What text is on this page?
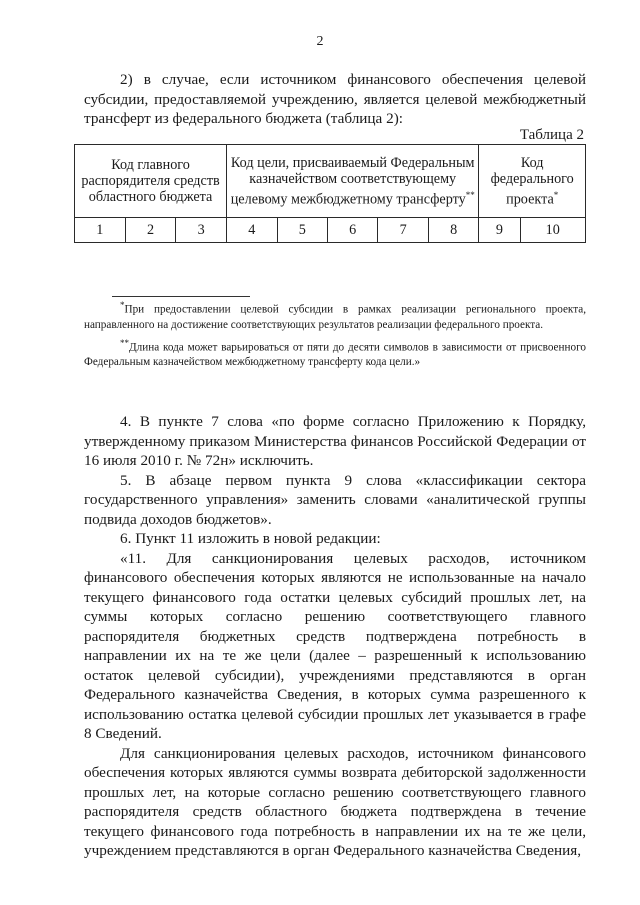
2

2) в случае, если источником финансового обеспечения целевой субсидии, предоставляемой учреждению, является целевой межбюджетный трансферт из федерального бюджета (таблица 2):

Таблица 2
Код главного распорядителя средств областного бюджета			Код цели, присваиваемый Федеральным казначейством соответствующему целевому межбюджетному трансферту**					Код федерального проекта*
1	2	3	4	5	6	7	8	9	10

*При предоставлении целевой субсидии в рамках реализации регионального проекта, направленного на достижение соответствующих результатов реализации федерального проекта.

**Длина кода может варьироваться от пяти до десяти символов в зависимости от присвоенного Федеральным казначейством межбюджетному трансферту кода цели.»

4. В пункте 7 слова «по форме согласно Приложению к Порядку, утвержденному приказом Министерства финансов Российской Федерации от 16 июля 2010 г. № 72н» исключить.

5. В абзаце первом пункта 9 слова «классификации сектора государственного управления» заменить словами «аналитической группы подвида доходов бюджетов».

6. Пункт 11 изложить в новой редакции:

«11. Для санкционирования целевых расходов, источником финансового обеспечения которых являются не использованные на начало текущего финансового года остатки целевых субсидий прошлых лет, на суммы которых согласно решению соответствующего главного распорядителя бюджетных средств подтверждена потребность в направлении их на те же цели (далее – разрешенный к использованию остаток целевой субсидии), учреждениями представляются в орган Федерального казначейства Сведения, в которых сумма разрешенного к использованию остатка целевой субсидии прошлых лет указывается в графе 8 Сведений.

Для санкционирования целевых расходов, источником финансового обеспечения которых являются суммы возврата дебиторской задолженности прошлых лет, на которые согласно решению соответствующего главного распорядителя средств областного бюджета подтверждена в течение текущего финансового года потребность в направлении их на те же цели, учреждением представляются в орган Федерального казначейства Сведения,
